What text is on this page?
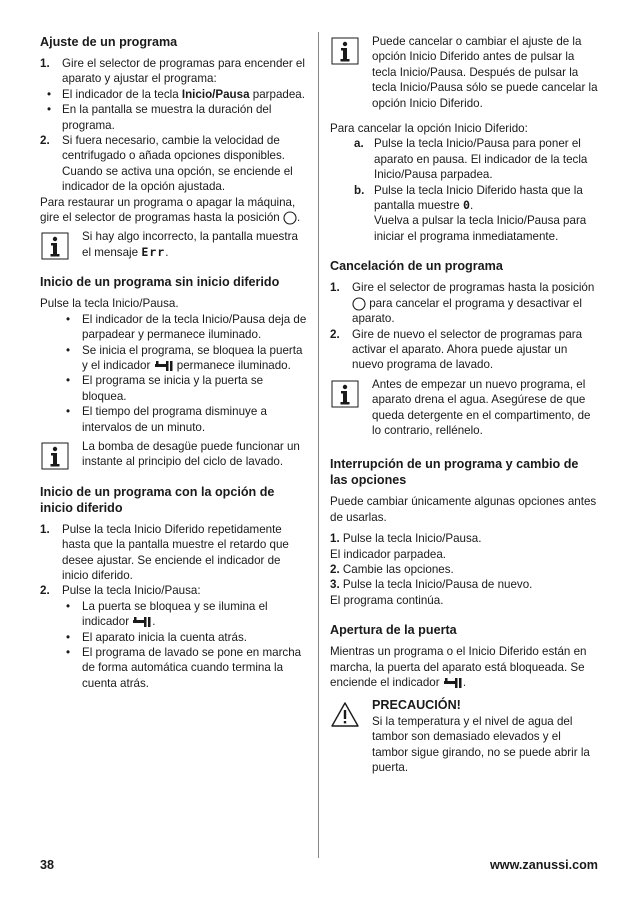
Ajuste de un programa
1. Gire el selector de programas para encender el aparato y ajustar el programa:
• El indicador de la tecla Inicio/Pausa parpadea.
• En la pantalla se muestra la duración del programa.
2. Si fuera necesario, cambie la velocidad de centrifugado o añada opciones disponibles. Cuando se activa una opción, se enciende el indicador de la opción ajustada.

Para restaurar un programa o apagar la máquina, gire el selector de programas hasta la posición .

Si hay algo incorrecto, la pantalla muestra el mensaje Err.
Inicio de un programa sin inicio diferido

Pulse la tecla Inicio/Pausa.

• El indicador de la tecla Inicio/Pausa deja de parpadear y permanece iluminado.
• Se inicia el programa, se bloquea la puerta y el indicador permanece iluminado.
• El programa se inicia y la puerta se bloquea.
• El tiempo del programa disminuye a intervalos de un minuto.
La bomba de desagüe puede funcionar un instante al principio del ciclo de lavado.
Inicio de un programa con la opción de inicio diferido
1. Pulse la tecla Inicio Diferido repetidamente hasta que la pantalla muestre el retardo que desee ajustar. Se enciende el indicador de inicio diferido.
2. Pulse la tecla Inicio/Pausa:
• La puerta se bloquea y se ilumina el indicador .
• El aparato inicia la cuenta atrás.
• El programa de lavado se pone en marcha de forma automática cuando termina la cuenta atrás.
Puede cancelar o cambiar el ajuste de la opción Inicio Diferido antes de pulsar la tecla Inicio/Pausa. Después de pulsar la tecla Inicio/Pausa sólo se puede cancelar la opción Inicio Diferido.

Para cancelar la opción Inicio Diferido:

a. Pulse la tecla Inicio/Pausa para poner el aparato en pausa. El indicador de la tecla Inicio/Pausa parpadea.
b. Pulse la tecla Inicio Diferido hasta que la pantalla muestre 0.
Vuelva a pulsar la tecla Inicio/Pausa para iniciar el programa inmediatamente.
Cancelación de un programa
1. Gire el selector de programas hasta la posición  para cancelar el programa y desactivar el aparato.
2. Gire de nuevo el selector de programas para activar el aparato. Ahora puede ajustar un nuevo programa de lavado.
Antes de empezar un nuevo programa, el aparato drena el agua. Asegúrese de que queda detergente en el compartimento, de lo contrario, rellénelo.
Interrupción de un programa y cambio de las opciones

Puede cambiar únicamente algunas opciones antes de usarlas.

1. Pulse la tecla Inicio/Pausa.

El indicador parpadea.

2. Cambie las opciones.

3. Pulse la tecla Inicio/Pausa de nuevo.

El programa continúa.

Apertura de la puerta

Mientras un programa o el Inicio Diferido están en marcha, la puerta del aparato está bloqueada. Se enciende el indicador .

PRECAUCIÓN!
Si la temperatura y el nivel de agua del tambor son demasiado elevados y el tambor sigue girando, no se puede abrir la puerta.
38	www.zanussi.com
